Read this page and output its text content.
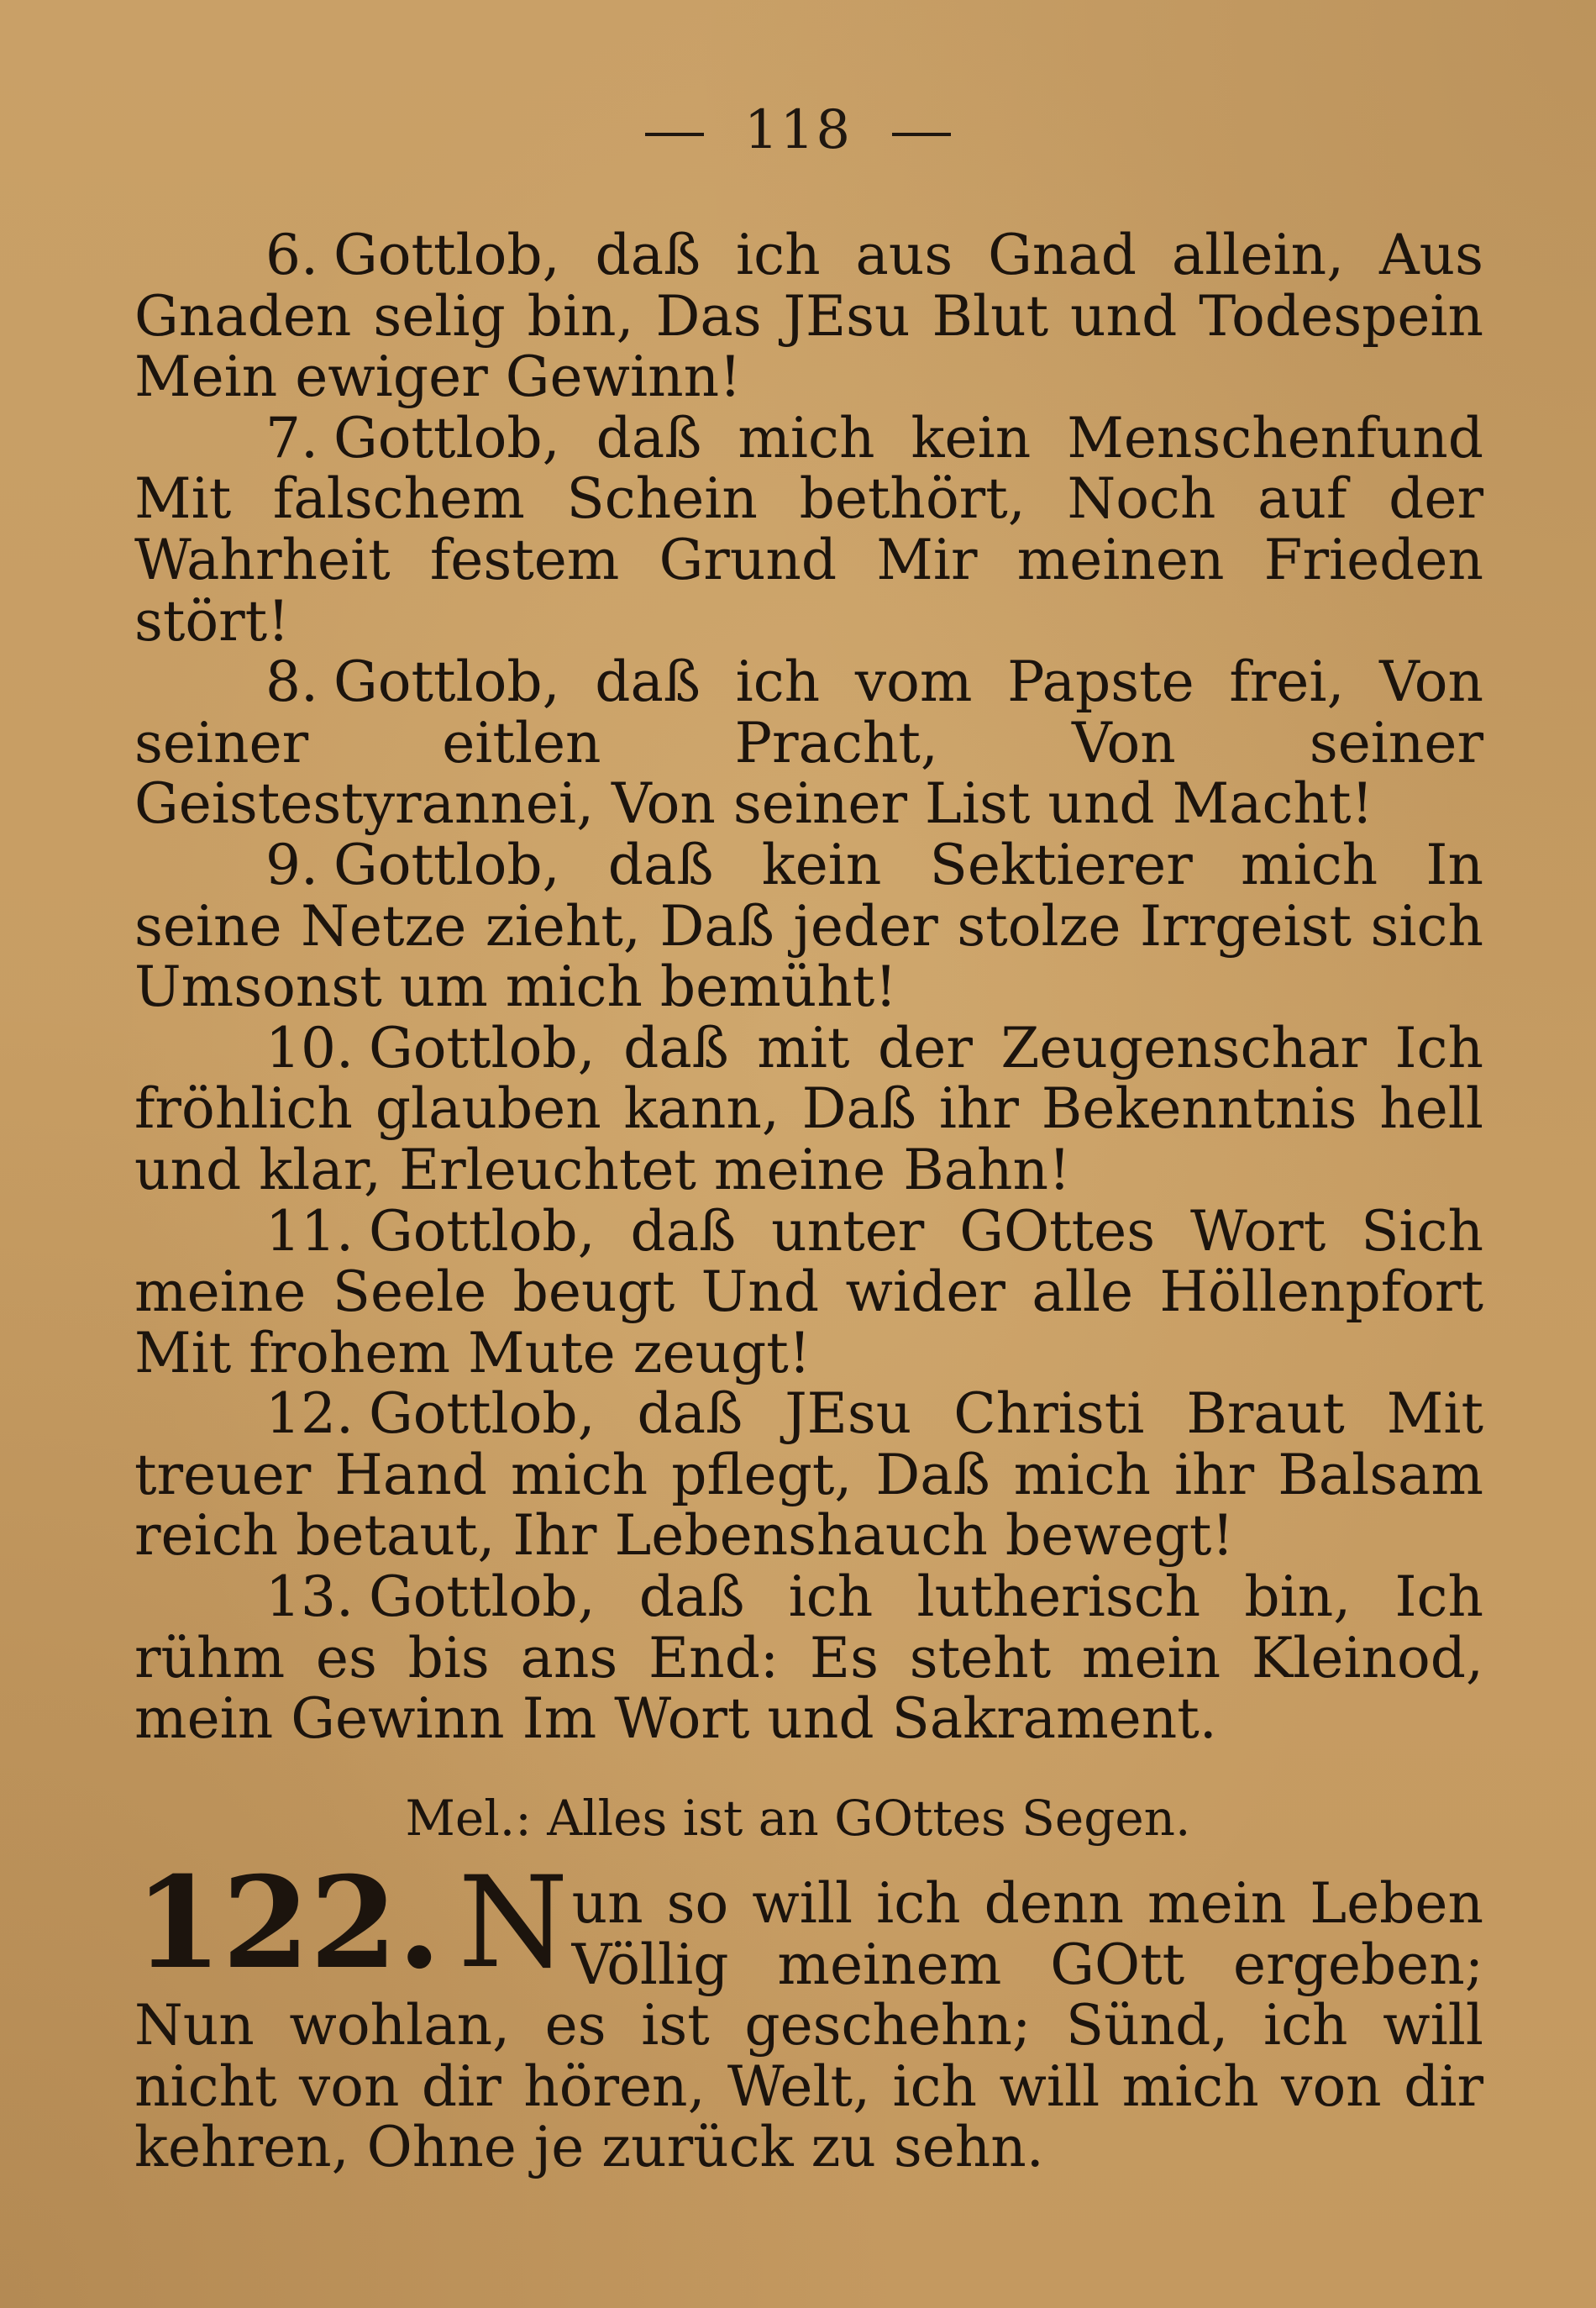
118

6. Gottlob, daß ich aus Gnad allein, Aus Gnaden selig bin, Das JEsu Blut und Todespein Mein ewiger Gewinn!

7. Gottlob, daß mich kein Menschenfund Mit falschem Schein bethört, Noch auf der Wahrheit festem Grund Mir meinen Frieden stört!

8. Gottlob, daß ich vom Papste frei, Von seiner eitlen Pracht, Von seiner Geistestyrannei, Von seiner List und Macht!

9. Gottlob, daß kein Sektierer mich In seine Netze zieht, Daß jeder stolze Irrgeist sich Umsonst um mich bemüht!

10. Gottlob, daß mit der Zeugenschar Ich fröhlich glauben kann, Daß ihr Bekenntnis hell und klar, Erleuchtet meine Bahn!

11. Gottlob, daß unter GOttes Wort Sich meine Seele beugt Und wider alle Höllenpfort Mit frohem Mute zeugt!

12. Gottlob, daß JEsu Christi Braut Mit treuer Hand mich pflegt, Daß mich ihr Balsam reich betaut, Ihr Lebenshauch bewegt!

13. Gottlob, daß ich lutherisch bin, Ich rühm es bis ans End: Es steht mein Kleinod, mein Gewinn Im Wort und Sakrament.

Mel.: Alles ist an GOttes Segen.
122. N un so will ich denn mein Leben Völlig meinem GOtt ergeben; Nun wohlan, es ist geschehn; Sünd, ich will nicht von dir hören, Welt, ich will mich von dir kehren, Ohne je zurück zu sehn.
